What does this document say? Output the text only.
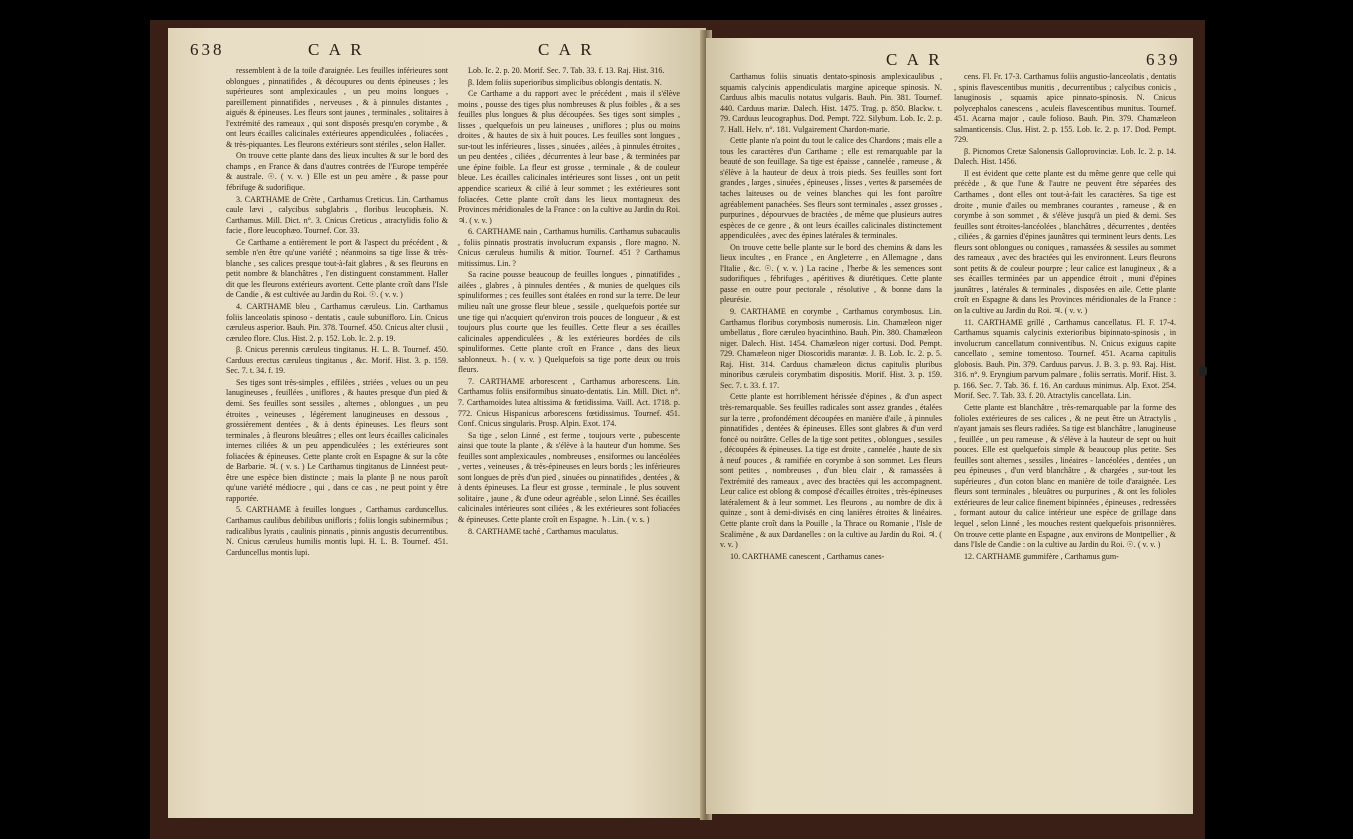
638	C A R	C A R

ressemblent à de la toile d'araignée. Les feuilles inférieures sont oblongues , pinnatifides , & découpures ou dents épineuses ; les supérieures sont amplexicaules , un peu moins longues , pareillement pinnatifides , nerveuses , & à pinnules distantes , aiguës & épineuses. Les fleurs sont jaunes , terminales , solitaires à l'extrémité des rameaux , qui sont disposés presqu'en corymbe , & ont leurs écailles calicinales extérieures appendiculées , foliacées , & très-piquantes. Les fleurons extérieurs sont stériles , selon Haller.

On trouve cette plante dans des lieux incultes & sur le bord des champs , en France & dans d'autres contrées de l'Europe tempérée & australe. ☉. ( v. v. ) Elle est un peu amère , & passe pour fébrifuge & sudorifique.

3. CARTHAME de Crète , Carthamus Creticus. Lin. Carthamus caule lævi , calycibus subglabris , floribus leucophæis. N. Carthamus. Mill. Dict. n°. 3. Cnicus Creticus , atractylidis folio & facie , flore leucophæo. Tournef. Cor. 33.

Ce Carthame a entièrement le port & l'aspect du précédent , & semble n'en être qu'une variété ; néanmoins sa tige lisse & très-blanche , ses calices presque tout-à-fait glabres , & ses fleurons en petit nombre & blanchâtres , l'en distinguent constamment. Haller dit que les fleurons extérieurs avortent. Cette plante croît dans l'Isle de Candie , & est cultivée au Jardin du Roi. ☉. ( v. v. )

4. CARTHAME bleu , Carthamus cæruleus. Lin. Carthamus foliis lanceolatis spinoso - dentatis , caule subunifloro. Lin. Cnicus cæruleus asperior. Bauh. Pin. 378. Tournef. 450. Cnicus alter clusii , cæruleo flore. Clus. Hist. 2. p. 152. Lob. Ic. 2. p. 19.

β. Cnicus perennis cæruleus tingitanus. H. L. B. Tournef. 450. Carduus erectus cæruleus tingitanus , &c. Morif. Hist. 3. p. 159. Sec. 7. t. 34. f. 19.

Ses tiges sont très-simples , effilées , striées , velues ou un peu lanugineuses , feuillées , uniflores , & hautes presque d'un pied & demi. Ses feuilles sont sessiles , alternes , oblongues , un peu étroites , veineuses , légérement lanugineuses en dessous , grossièrement dentées , & à dents épineuses. Les fleurs sont terminales , à fleurons bleuâtres ; elles ont leurs écailles calicinales internes ciliées & un peu appendiculées ; les extérieures sont foliacées & épineuses. Cette plante croît en Espagne & sur la côte de Barbarie. ♃. ( v. s. ) Le Carthamus tingitanus de Linnéest peut-être une espèce bien distincte ; mais la plante β ne nous paroît qu'une variété médiocre , qui , dans ce cas , ne peut point y être rapportée.

5. CARTHAME à feuilles longues , Carthamus carduncellus. Carthamus caulibus debilibus unifloris ; foliis longis subinermibus ; radicalibus lyratis , caulinis pinnatis , pinnis angustis decurrentibus. N. Cnicus cæruleus humilis montis lupi. H. L. B. Tournef. 451. Carduncellus montis lupi.

Lob. Ic. 2. p. 20. Morif. Sec. 7. Tab. 33. f. 13. Raj. Hist. 316.

β. Idem foliis superioribus simplicibus oblongis dentatis. N.

Ce Carthame a du rapport avec le précédent , mais il s'élève moins , pousse des tiges plus nombreuses & plus foibles , & a ses feuilles plus longues & plus découpées. Ses tiges sont simples , lisses , quelquefois un peu laineuses , uniflores ; plus ou moins droites , & hautes de six à huit pouces. Les feuilles sont longues , sur-tout les inférieures , lisses , sinuées , ailées , à pinnules étroites , un peu dentées , ciliées , décurrentes à leur base , & terminées par une épine foible. La fleur est grosse , terminale , & de couleur bleue. Les écailles calicinales intérieures sont lisses , ont un petit appendice scarieux & cilié à leur sommet ; les extérieures sont foliacées. Cette plante croît dans les lieux montagneux des Provinces méridionales de la France : on la cultive au Jardin du Roi. ♃. ( v. v. )

6. CARTHAME nain , Carthamus humilis. Carthamus subacaulis , foliis pinnatis prostratis involucrum expansis , flore magno. N. Cnicus cæruleus humilis & mitior. Tournef. 451 ? Carthamus mitissimus. Lin. ?

Sa racine pousse beaucoup de feuilles longues , pinnatifides , ailées , glabres , à pinnules dentées , & munies de quelques cils spinuliformes ; ces feuilles sont étalées en rond sur la terre. De leur milieu naît une grosse fleur bleue , sessile , quelquefois portée sur une tige qui n'acquiert qu'environ trois pouces de longueur , & est toujours plus courte que les feuilles. Cette fleur a ses écailles calicinales appendiculées , & les extérieures bordées de cils spinuliformes. Cette plante croît en France , dans des lieux sablonneux. ♄. ( v. v. ) Quelquefois sa tige porte deux ou trois fleurs.

7. CARTHAME arborescent , Carthamus arborescens. Lin. Carthamus foliis ensiformibus sinuato-dentatis. Lin. Mill. Dict. n°. 7. Carthamoides lutea altissima & fœtidissima. Vaill. Act. 1718. p. 772. Cnicus Hispanicus arborescens fœtidissimus. Tournef. 451. Conf. Cnicus singularis. Prosp. Alpin. Exot. 174.

Sa tige , selon Linné , est ferme , toujours verte , pubescente ainsi que toute la plante , & s'élève à la hauteur d'un homme. Ses feuilles sont amplexicaules , nombreuses , ensiformes ou lancéolées , vertes , veineuses , & très-épineuses en leurs bords ; les inférieures sont longues de près d'un pied , sinuées ou pinnatifides , dentées , & à dents épineuses. La fleur est grosse , terminale , le plus souvent solitaire , jaune , & d'une odeur agréable , selon Linné. Ses écailles calicinales intérieures sont ciliées , & les extérieures sont foliacées & épineuses. Cette plante croît en Espagne. ♄. Lin. ( v. s. )

8. CARTHAME taché , Carthamus maculatus.

C A R	639

Carthamus foliis sinuatis dentato-spinosis amplexicaulibus , squamis calycinis appendiculatis margine apiceque spinosis. N. Carduus albis maculis notatus vulgaris. Bauh. Pin. 381. Tournef. 440. Carduus mariæ. Dalech. Hist. 1475. Trag. p. 850. Blackw. t. 79. Carduus leucographus. Dod. Pempt. 722. Silybum. Lob. Ic. 2. p. 7. Hall. Helv. n°. 181. Vulgairement Chardon-marie.

Cette plante n'a point du tout le calice des Chardons ; mais elle a tous les caractères d'un Carthame ; elle est remarquable par la beauté de son feuillage. Sa tige est épaisse , cannelée , rameuse , & s'élève à la hauteur de deux à trois pieds. Ses feuilles sont fort grandes , larges , sinuées , épineuses , lisses , vertes & parsemées de taches laiteuses ou de veines blanches qui les font paroître agréablement panachées. Ses fleurs sont terminales , assez grosses , purpurines , dépourvues de bractées , de même que plusieurs autres espèces de ce genre , & ont leurs écailles calicinales distinctement appendiculées , avec des épines latérales & terminales.

On trouve cette belle plante sur le bord des chemins & dans les lieux incultes , en France , en Angleterre , en Allemagne , dans l'Italie , &c. ☉. ( v. v. ) La racine , l'herbe & les semences sont sudorifiques , fébrifuges , apéritives & diurétiques. Cette plante passe en outre pour pectorale , résolutive , & bonne dans la pleurésie.

9. CARTHAME en corymbe , Carthamus corymbosus. Lin. Carthamus floribus corymbosis numerosis. Lin. Chamæleon niger umbellatus , flore cæruleo hyacinthino. Bauh. Pin. 380. Chamæleon niger. Dalech. Hist. 1454. Chamæleon niger cortusi. Dod. Pempt. 729. Chamæleon niger Dioscoridis marantæ. J. B. Lob. Ic. 2. p. 5. Raj. Hist. 314. Carduus chamæleon dictus capitulis pluribus minoribus cæruleis corymbatim dispositis. Morif. Hist. 3. p. 159. Sec. 7. t. 33. f. 17.

Cette plante est horriblement hérissée d'épines , & d'un aspect très-remarquable. Ses feuilles radicales sont assez grandes , étalées sur la terre , profondément découpées en manière d'aile , à pinnules pinnatifides , dentées & épineuses. Elles sont glabres & d'un verd foncé ou noirâtre. Celles de la tige sont petites , oblongues , sessiles , découpées & épineuses. La tige est droite , cannelée , haute de six à neuf pouces , & ramifiée en corymbe à son sommet. Les fleurs sont petites , nombreuses , d'un bleu clair , & ramassées à l'extrémité des rameaux , avec des bractées qui les accompagnent. Leur calice est oblong & composé d'écailles étroites , très-épineuses latéralement & à leur sommet. Les fleurons , au nombre de dix à quinze , sont à demi-divisés en cinq lanières étroites & linéaires. Cette plante croît dans la Pouille , la Thrace ou Romanie , l'Isle de Scalimène , & aux Dardanelles : on la cultive au Jardin du Roi. ♃. ( v. v. )

10. CARTHAME canescent , Carthamus canes-

cens. Fl. Fr. 17-3. Carthamus foliis angustio-lanceolatis , dentatis , spinis flavescentibus munitis , decurrentibus ; calycibus conicis , lanuginosis , squamis apice pinnato-spinosis. N. Cnicus polycephalos canescens , aculeis flavescentibus munitus. Tournef. 451. Acarna major , caule folioso. Bauh. Pin. 379. Chamæleon salmanticensis. Clus. Hist. 2. p. 155. Lob. Ic. 2. p. 17. Dod. Pempt. 729.

β. Picnomos Cretæ Salonensis Galloprovinciæ. Lob. Ic. 2. p. 14. Dalech. Hist. 1456.

Il est évident que cette plante est du même genre que celle qui précède , & que l'une & l'autre ne peuvent être séparées des Carthames , dont elles ont tout-à-fait les caractères. Sa tige est droite , munie d'ailes ou membranes courantes , rameuse , & en corymbe à son sommet , & s'élève jusqu'à un pied & demi. Ses feuilles sont étroites-lancéolées , blanchâtres , décurrentes , dentées , ciliées , & garnies d'épines jaunâtres qui terminent leurs dents. Les fleurs sont oblongues ou coniques , ramassées & sessiles au sommet des rameaux , avec des bractées qui les environnent. Leurs fleurons sont petits & de couleur pourpre ; leur calice est lanugineux , & a ses écailles terminées par un appendice étroit , muni d'épines jaunâtres , latérales & terminales , disposées en aile. Cette plante croît en Espagne & dans les Provinces méridionales de la France : on la cultive au Jardin du Roi. ♃. ( v. v. )

11. CARTHAME grillé , Carthamus cancellatus. Fl. F. 17-4. Carthamus squamis calycinis exterioribus bipinnato-spinosis , in involucrum cancellatum conniventibus. N. Cnicus exiguus capite cancellato , semine tomentoso. Tournef. 451. Acarna capitulis globosis. Bauh. Pin. 379. Carduus parvus. J. B. 3. p. 93. Raj. Hist. 316. n°. 9. Eryngium parvum palmare , foliis serratis. Morif. Hist. 3. p. 166. Sec. 7. Tab. 36. f. 16. An carduus minimus. Alp. Exot. 254. Morif. Sec. 7. Tab. 33. f. 20. Atractylis cancellata. Lin.

Cette plante est blanchâtre , très-remarquable par la forme des folioles extérieures de ses calices , & ne peut être un Atractylis , n'ayant jamais ses fleurs radiées. Sa tige est blanchâtre , lanugineuse , feuillée , un peu rameuse , & s'élève à la hauteur de sept ou huit pouces. Elle est quelquefois simple & beaucoup plus petite. Ses feuilles sont alternes , sessiles , linéaires - lancéolées , dentées , un peu épineuses , d'un verd blanchâtre , & chargées , sur-tout les supérieures , d'un coton blanc en manière de toile d'araignée. Les fleurs sont terminales , bleuâtres ou purpurines , & ont les folioles extérieures de leur calice finement bipinnées , épineuses , redressées , formant autour du calice intérieur une espèce de grillage dans lequel , selon Linné , les mouches restent quelquefois prisonnières. On trouve cette plante en Espagne , aux environs de Montpellier , & dans l'Isle de Candie : on la cultive au Jardin du Roi. ☉. ( v. v. )

12. CARTHAME gummifère , Carthamus gum-
